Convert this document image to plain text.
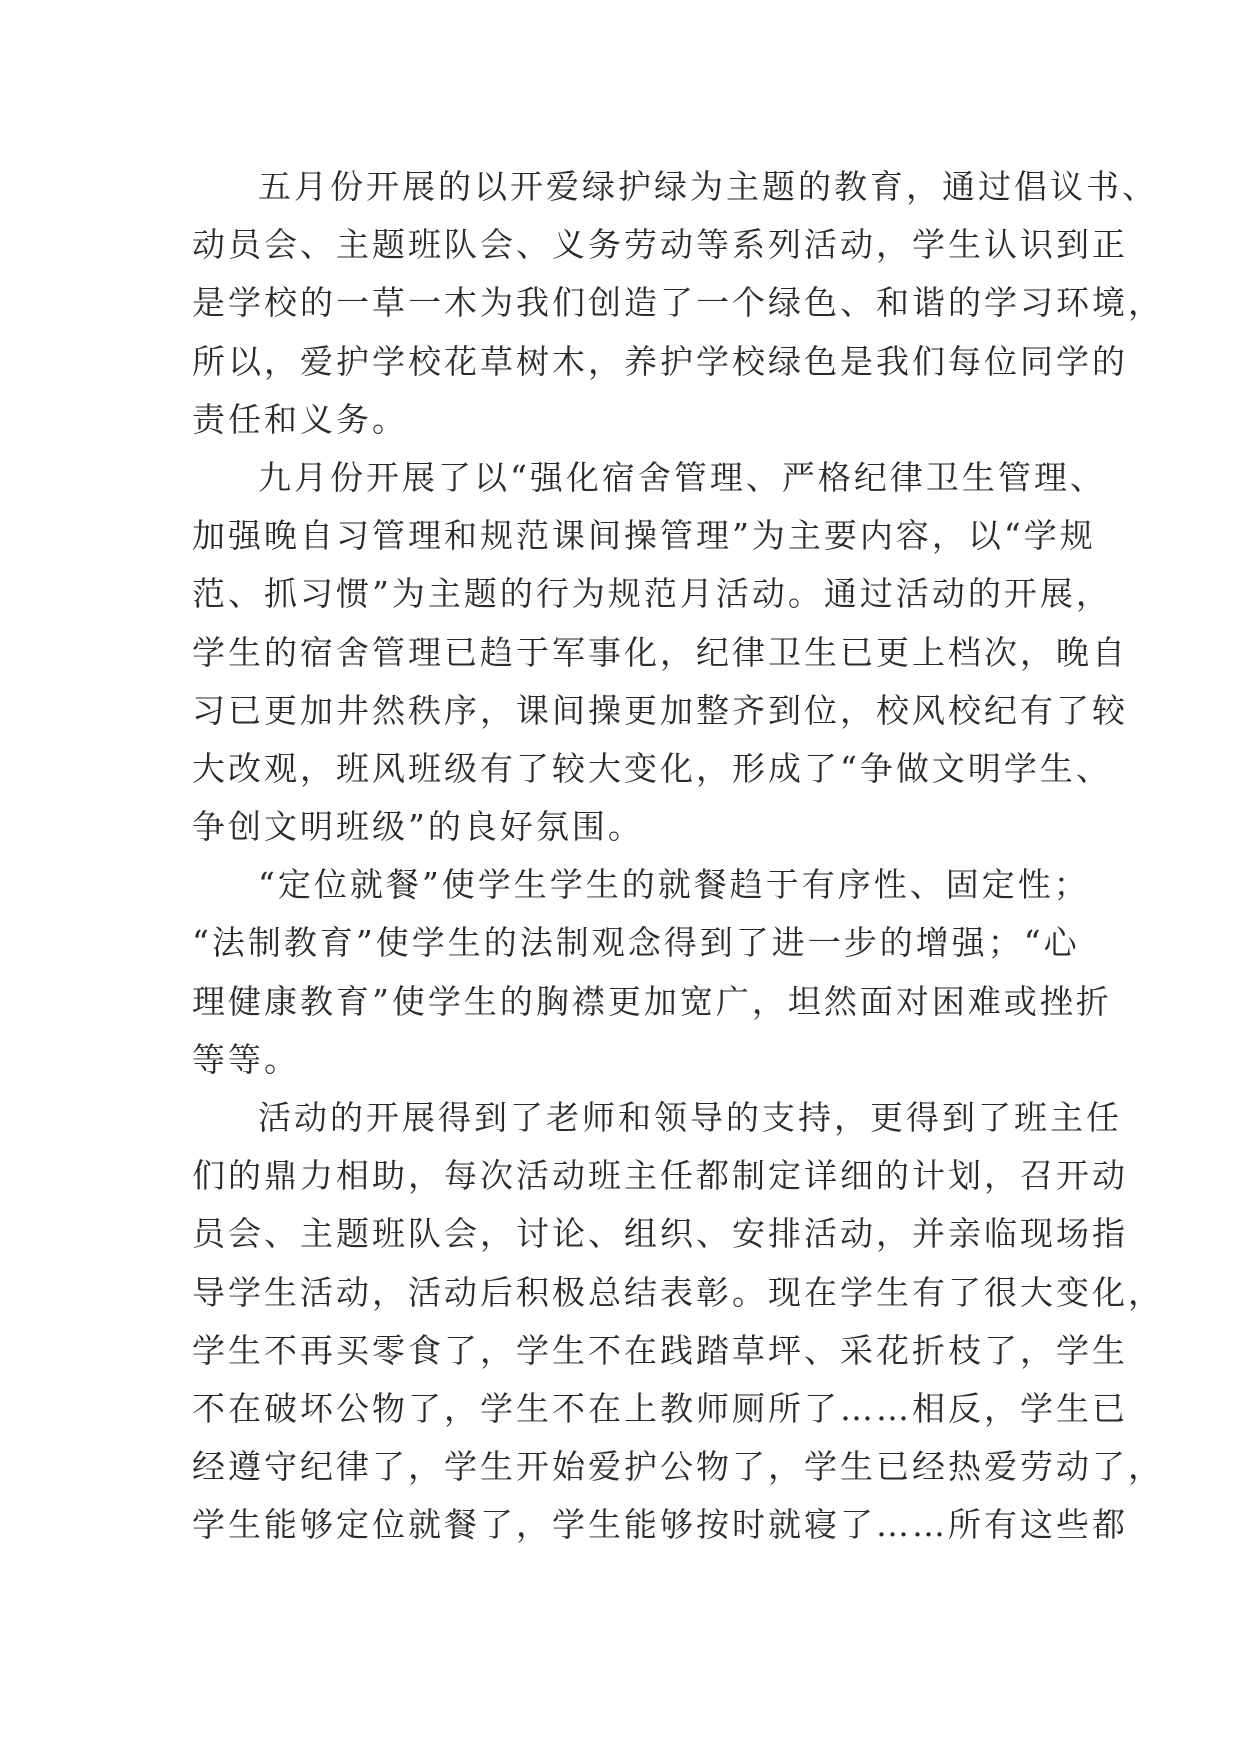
五月份开展的以开爱绿护绿为主题的教育，通过倡议书、
动员会、主题班队会、义务劳动等系列活动，学生认识到正
是学校的一草一木为我们创造了一个绿色、和谐的学习环境，
所以，爱护学校花草树木，养护学校绿色是我们每位同学的
责任和义务。
九月份开展了以“强化宿舍管理、严格纪律卫生管理、
加强晚自习管理和规范课间操管理”为主要内容，以“学规
范、抓习惯”为主题的行为规范月活动。通过活动的开展，
学生的宿舍管理已趋于军事化，纪律卫生已更上档次，晚自
习已更加井然秩序，课间操更加整齐到位，校风校纪有了较
大改观，班风班级有了较大变化，形成了“争做文明学生、
争创文明班级”的良好氛围。
“定位就餐”使学生学生的就餐趋于有序性、固定性；
“法制教育”使学生的法制观念得到了进一步的增强；“心
理健康教育”使学生的胸襟更加宽广，坦然面对困难或挫折
等等。
活动的开展得到了老师和领导的支持，更得到了班主任
们的鼎力相助，每次活动班主任都制定详细的计划，召开动
员会、主题班队会，讨论、组织、安排活动，并亲临现场指
导学生活动，活动后积极总结表彰。现在学生有了很大变化，
学生不再买零食了，学生不在践踏草坪、采花折枝了，学生
不在破坏公物了，学生不在上教师厕所了……相反，学生已
经遵守纪律了，学生开始爱护公物了，学生已经热爱劳动了，
学生能够定位就餐了，学生能够按时就寝了……所有这些都
